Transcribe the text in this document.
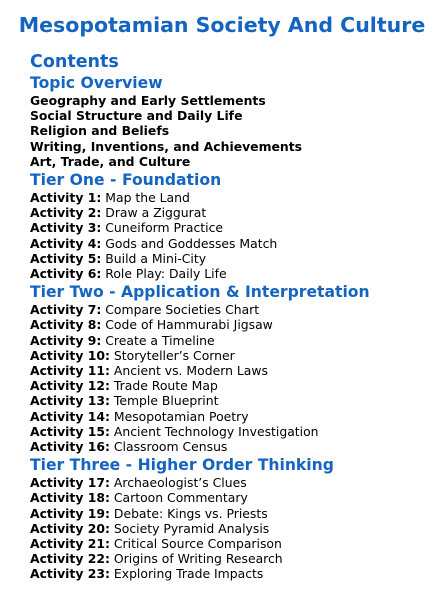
Mesopotamian Society And Culture
Contents
Topic Overview
Geography and Early Settlements
Social Structure and Daily Life
Religion and Beliefs
Writing, Inventions, and Achievements
Art, Trade, and Culture
Tier One - Foundation
Activity 1: Map the Land
Activity 2: Draw a Ziggurat
Activity 3: Cuneiform Practice
Activity 4: Gods and Goddesses Match
Activity 5: Build a Mini-City
Activity 6: Role Play: Daily Life
Tier Two - Application & Interpretation
Activity 7: Compare Societies Chart
Activity 8: Code of Hammurabi Jigsaw
Activity 9: Create a Timeline
Activity 10: Storyteller’s Corner
Activity 11: Ancient vs. Modern Laws
Activity 12: Trade Route Map
Activity 13: Temple Blueprint
Activity 14: Mesopotamian Poetry
Activity 15: Ancient Technology Investigation
Activity 16: Classroom Census
Tier Three - Higher Order Thinking
Activity 17: Archaeologist’s Clues
Activity 18: Cartoon Commentary
Activity 19: Debate: Kings vs. Priests
Activity 20: Society Pyramid Analysis
Activity 21: Critical Source Comparison
Activity 22: Origins of Writing Research
Activity 23: Exploring Trade Impacts
